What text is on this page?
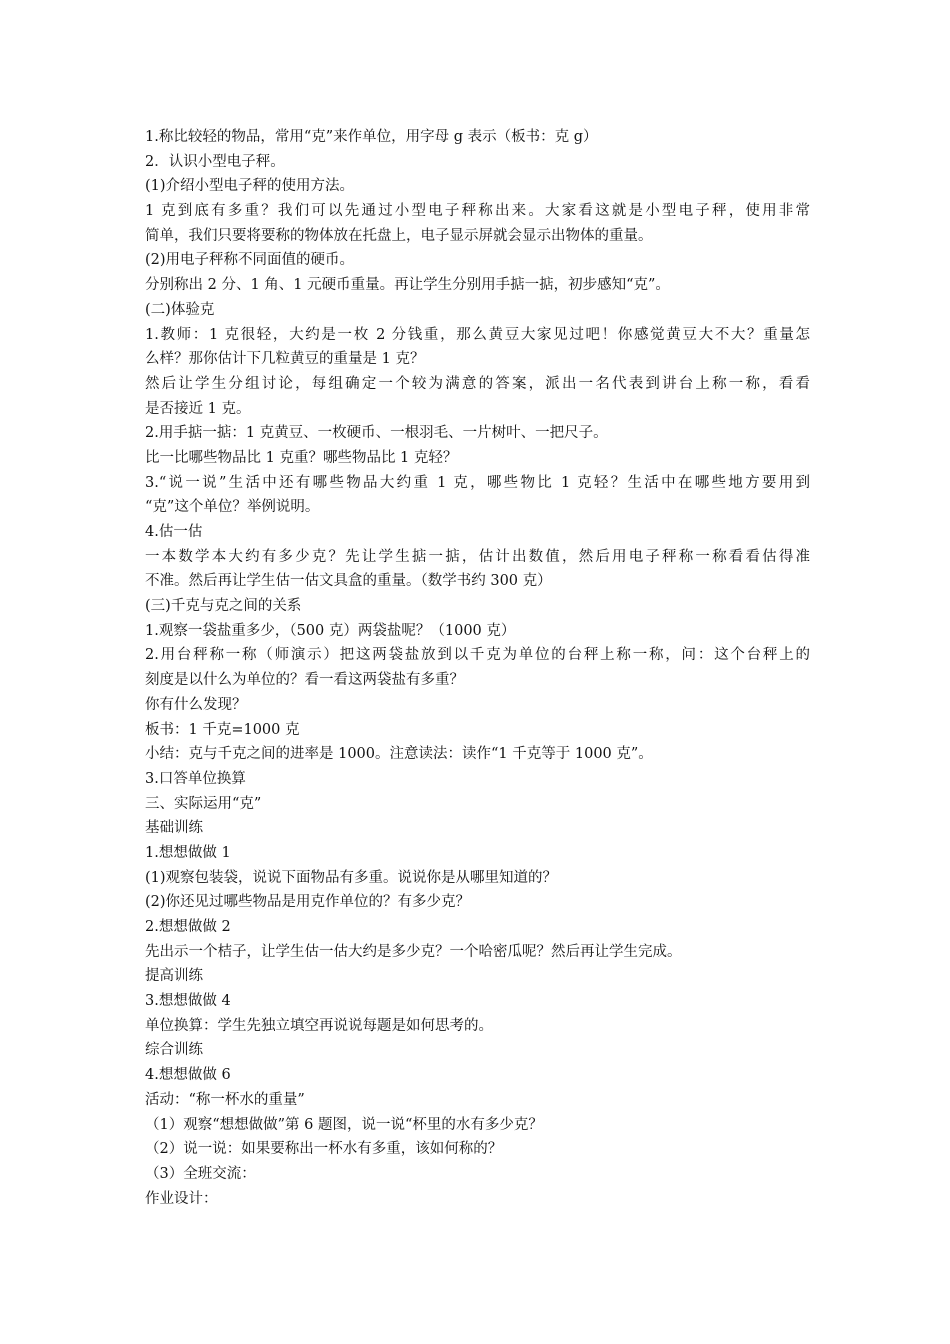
1.称比较轻的物品，常用“克”来作单位，用字母 g 表示（板书：克 g）
2．认识小型电子秤。
(1)介绍小型电子秤的使用方法。
1 克到底有多重？我们可以先通过小型电子秤称出来。大家看这就是小型电子秤，使用非常
简单，我们只要将要称的物体放在托盘上，电子显示屏就会显示出物体的重量。
(2)用电子秤称不同面值的硬币。
分别称出 2 分、1 角、1 元硬币重量。再让学生分别用手掂一掂，初步感知“克”。
(二)体验克
1.教师：1 克很轻，大约是一枚 2 分钱重，那么黄豆大家见过吧！你感觉黄豆大不大？重量怎
么样？那你估计下几粒黄豆的重量是 1 克？
然后让学生分组讨论，每组确定一个较为满意的答案，派出一名代表到讲台上称一称，看看
是否接近 1 克。
2.用手掂一掂：1 克黄豆、一枚硬币、一根羽毛、一片树叶、一把尺子。
比一比哪些物品比 1 克重？哪些物品比 1 克轻？
3.“说一说”生活中还有哪些物品大约重 1 克，哪些物比 1 克轻？生活中在哪些地方要用到
“克”这个单位？举例说明。
4.估一估
一本数学本大约有多少克？先让学生掂一掂，估计出数值，然后用电子秤称一称看看估得准
不准。然后再让学生估一估文具盒的重量。（数学书约 300 克）
(三)千克与克之间的关系
1.观察一袋盐重多少，（500 克）两袋盐呢？（1000 克）
2.用台秤称一称（师演示）把这两袋盐放到以千克为单位的台秤上称一称，问：这个台秤上的
刻度是以什么为单位的？看一看这两袋盐有多重？
你有什么发现？
板书：1 千克=1000 克
小结：克与千克之间的进率是 1000。注意读法：读作“1 千克等于 1000 克”。
3.口答单位换算
三、实际运用“克”
基础训练
1.想想做做 1
(1)观察包装袋，说说下面物品有多重。说说你是从哪里知道的？
(2)你还见过哪些物品是用克作单位的？有多少克？
2.想想做做 2
先出示一个桔子，让学生估一估大约是多少克？一个哈密瓜呢？然后再让学生完成。
提高训练
3.想想做做 4
单位换算：学生先独立填空再说说每题是如何思考的。
综合训练
4.想想做做 6
活动：“称一杯水的重量”
（1）观察“想想做做”第 6 题图，说一说“杯里的水有多少克？
（2）说一说：如果要称出一杯水有多重，该如何称的？
（3）全班交流：
作业设计：
